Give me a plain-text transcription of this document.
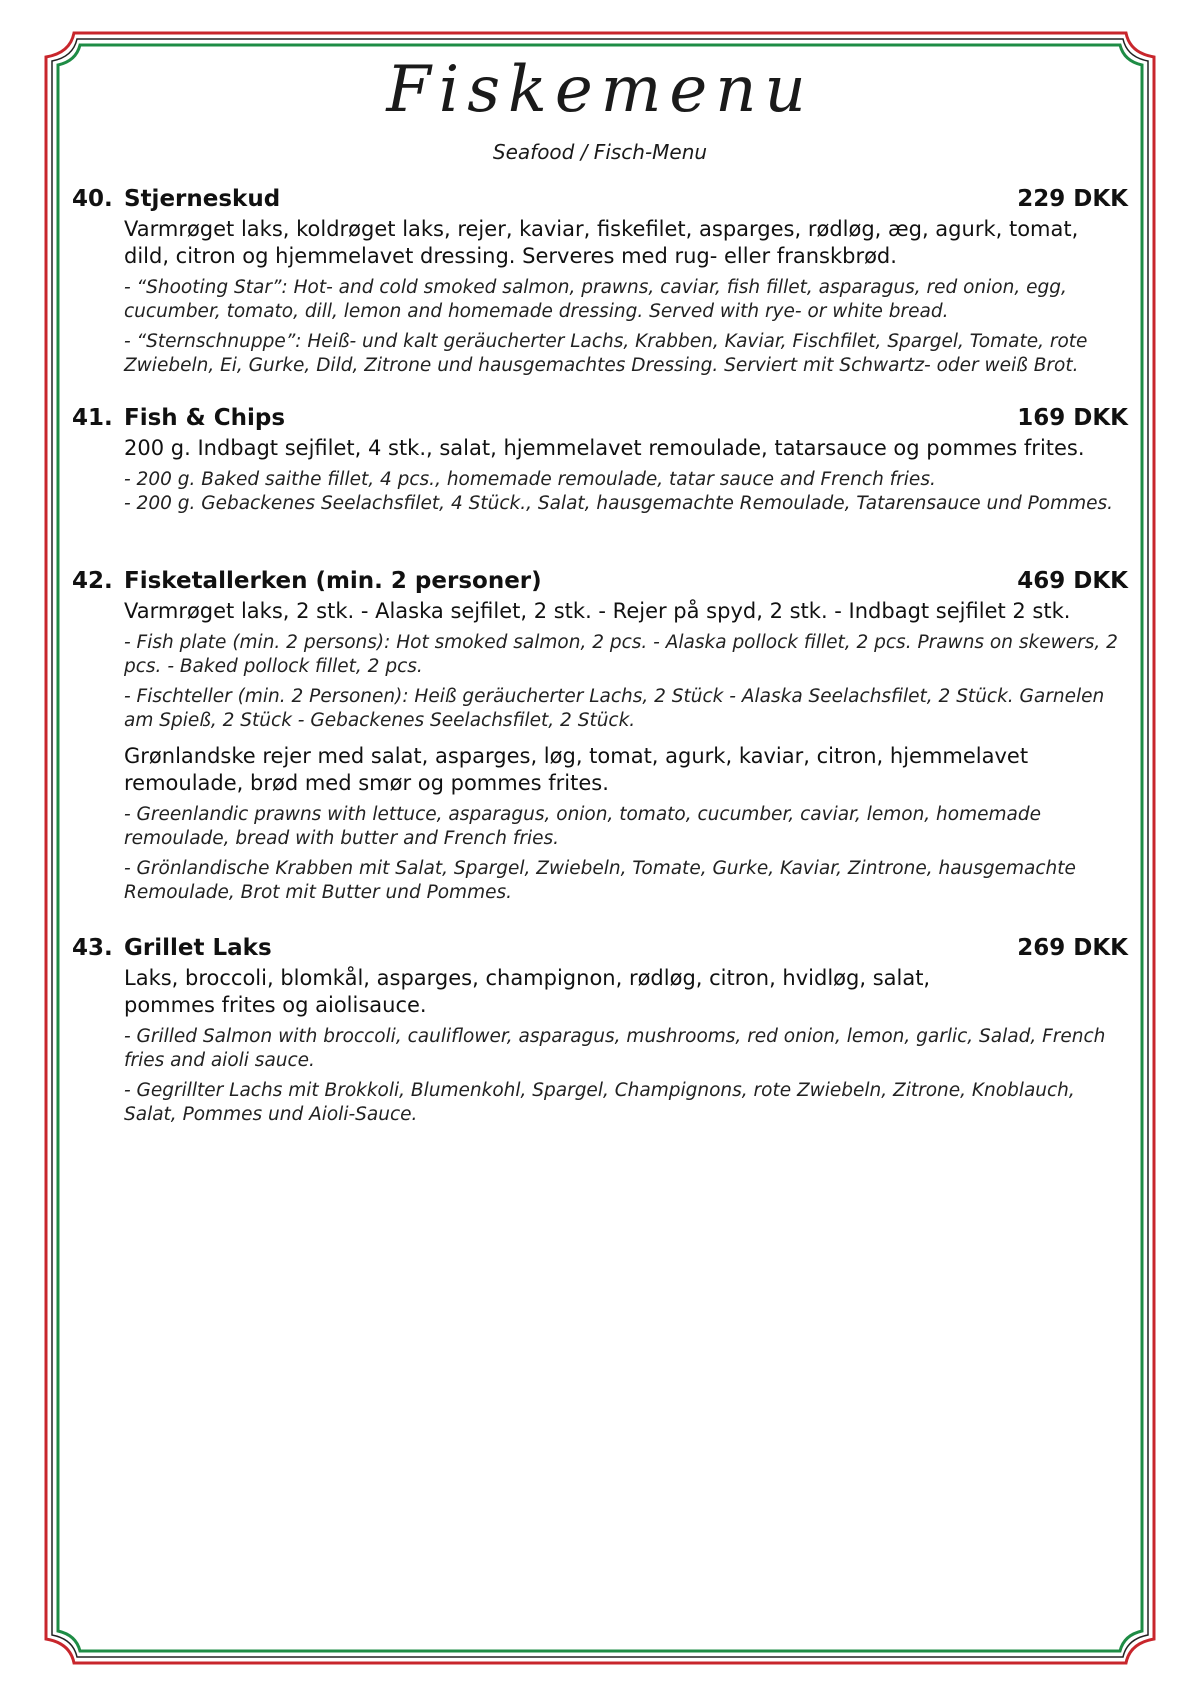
Fiskemenu
Seafood / Fisch-Menu
40. Stjerneskud	229 DKK
Varmrøget laks, koldrøget laks, rejer, kaviar, fiskefilet, asparges, rødløg, æg, agurk, tomat, dild, citron og hjemmelavet dressing. Serveres med rug- eller franskbrød.
- “Shooting Star”: Hot- and cold smoked salmon, prawns, caviar, fish fillet, asparagus, red onion, egg, cucumber, tomato, dill, lemon and homemade dressing. Served with rye- or white bread.
- “Sternschnuppe”: Heiß- und kalt geräucherter Lachs, Krabben, Kaviar, Fischfilet, Spargel, Tomate, rote Zwiebeln, Ei, Gurke, Dild, Zitrone und hausgemachtes Dressing. Serviert mit Schwartz- oder weiß Brot.
41. Fish & Chips	169 DKK
200 g. Indbagt sejfilet, 4 stk., salat, hjemmelavet remoulade, tatarsauce og pommes frites.
- 200 g. Baked saithe fillet, 4 pcs., homemade remoulade, tatar sauce and French fries.
- 200 g. Gebackenes Seelachsfilet, 4 Stück., Salat, hausgemachte Remoulade, Tatarensauce und Pommes.
42. Fisketallerken (min. 2 personer)	469 DKK
Varmrøget laks, 2 stk. - Alaska sejfilet, 2 stk. - Rejer på spyd, 2 stk. - Indbagt sejfilet 2 stk.
- Fish plate (min. 2 persons): Hot smoked salmon, 2 pcs. - Alaska pollock fillet, 2 pcs. Prawns on skewers, 2 pcs. - Baked pollock fillet, 2 pcs.
- Fischteller (min. 2 Personen): Heiß geräucherter Lachs, 2 Stück - Alaska Seelachsfilet, 2 Stück. Garnelen am Spieß, 2 Stück - Gebackenes Seelachsfilet, 2 Stück.
Grønlandske rejer med salat, asparges, løg, tomat, agurk, kaviar, citron, hjemmelavet remoulade, brød med smør og pommes frites.
- Greenlandic prawns with lettuce, asparagus, onion, tomato, cucumber, caviar, lemon, homemade remoulade, bread with butter and French fries.
- Grönlandische Krabben mit Salat, Spargel, Zwiebeln, Tomate, Gurke, Kaviar, Zintrone, hausgemachte Remoulade, Brot mit Butter und Pommes.
43. Grillet Laks	269 DKK
Laks, broccoli, blomkål, asparges, champignon, rødløg, citron, hvidløg, salat, pommes frites og aiolisauce.
- Grilled Salmon with broccoli, cauliflower, asparagus, mushrooms, red onion, lemon, garlic, Salad, French fries and aioli sauce.
- Gegrillter Lachs mit Brokkoli, Blumenkohl, Spargel, Champignons, rote Zwiebeln, Zitrone, Knoblauch, Salat, Pommes und Aioli-Sauce.
